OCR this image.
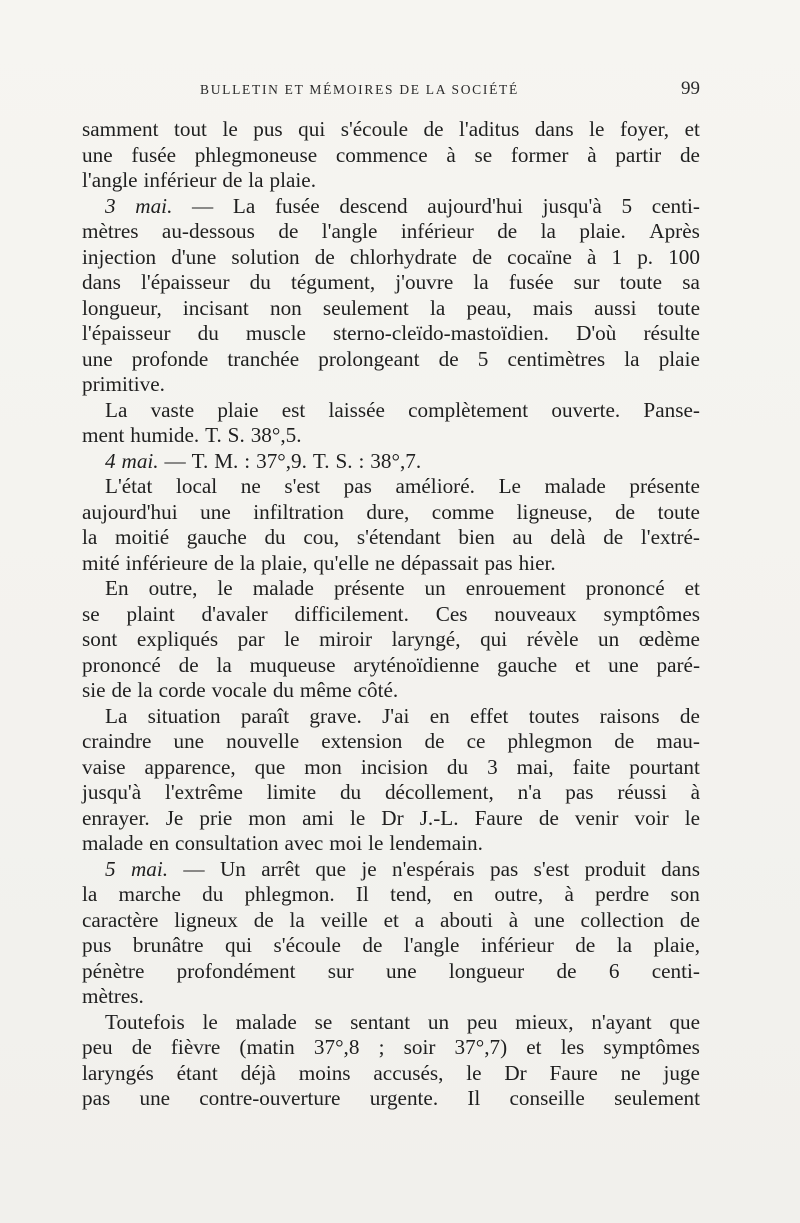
BULLETIN ET MÉMOIRES DE LA SOCIÉTÉ	99
samment tout le pus qui s'écoule de l'aditus dans le foyer, et
une fusée phlegmoneuse commence à se former à partir de
l'angle inférieur de la plaie.
3 mai. — La fusée descend aujourd'hui jusqu'à 5 centi-
mètres au-dessous de l'angle inférieur de la plaie. Après
injection d'une solution de chlorhydrate de cocaïne à 1 p. 100
dans l'épaisseur du tégument, j'ouvre la fusée sur toute sa
longueur, incisant non seulement la peau, mais aussi toute
l'épaisseur du muscle sterno-cleïdo-mastoïdien. D'où résulte
une profonde tranchée prolongeant de 5 centimètres la plaie
primitive.
La vaste plaie est laissée complètement ouverte. Panse-
ment humide. T. S. 38°,5.
4 mai. — T. M. : 37°,9. T. S. : 38°,7.
L'état local ne s'est pas amélioré. Le malade présente
aujourd'hui une infiltration dure, comme ligneuse, de toute
la moitié gauche du cou, s'étendant bien au delà de l'extré-
mité inférieure de la plaie, qu'elle ne dépassait pas hier.
En outre, le malade présente un enrouement prononcé et
se plaint d'avaler difficilement. Ces nouveaux symptômes
sont expliqués par le miroir laryngé, qui révèle un œdème
prononcé de la muqueuse aryténoïdienne gauche et une paré-
sie de la corde vocale du même côté.
La situation paraît grave. J'ai en effet toutes raisons de
craindre une nouvelle extension de ce phlegmon de mau-
vaise apparence, que mon incision du 3 mai, faite pourtant
jusqu'à l'extrême limite du décollement, n'a pas réussi à
enrayer. Je prie mon ami le Dr J.-L. Faure de venir voir le
malade en consultation avec moi le lendemain.
5 mai. — Un arrêt que je n'espérais pas s'est produit dans
la marche du phlegmon. Il tend, en outre, à perdre son
caractère ligneux de la veille et a abouti à une collection de
pus brunâtre qui s'écoule de l'angle inférieur de la plaie,
pénètre profondément sur une longueur de 6 centi-
mètres.
Toutefois le malade se sentant un peu mieux, n'ayant que
peu de fièvre (matin 37°,8 ; soir 37°,7) et les symptômes
laryngés étant déjà moins accusés, le Dr Faure ne juge
pas une contre-ouverture urgente. Il conseille seulement
